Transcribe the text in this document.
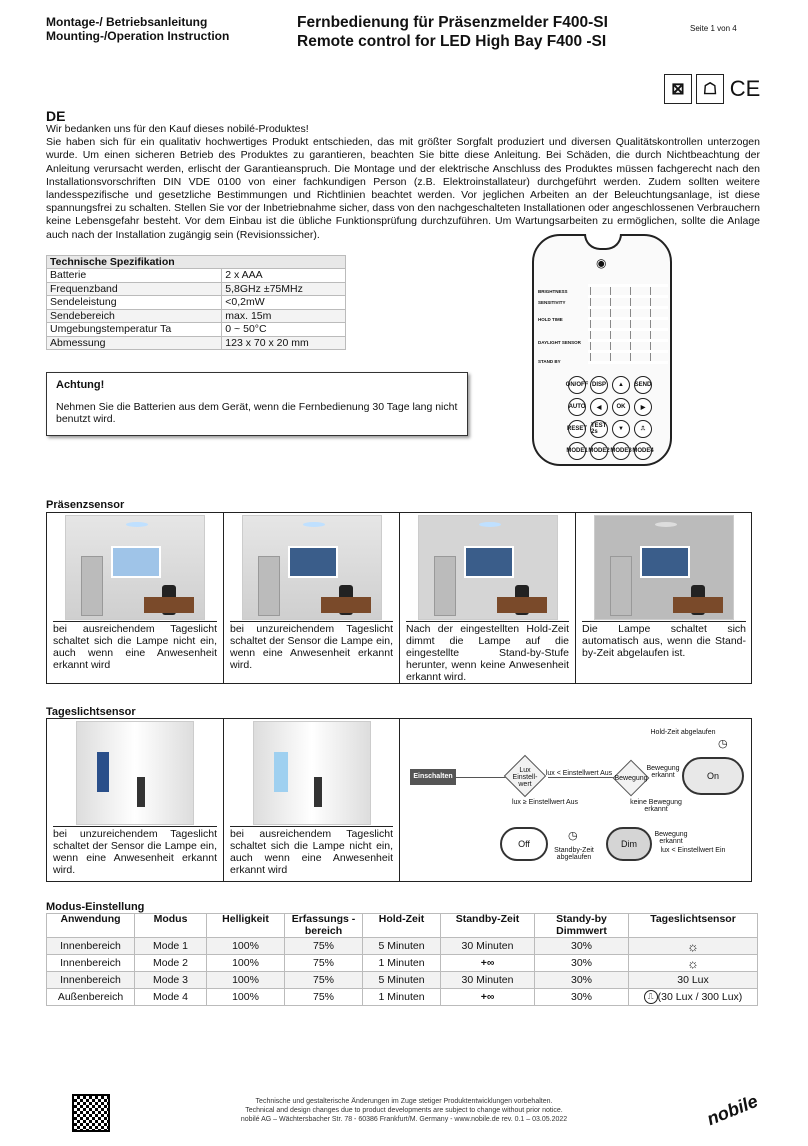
Montage-/ Betriebsanleitung
Mounting-/Operation Instruction
Fernbedienung für Präsenzmelder F400-SI
Remote control for LED High Bay F400 -SI
Seite 1 von 4
⊠	☖ CE
DE
Wir bedanken uns für den Kauf dieses nobilé-Produktes!
Sie haben sich für ein qualitativ hochwertiges Produkt entschieden, das mit größter Sorgfalt produziert und diversen Qualitätskontrollen unterzogen wurde. Um einen sicheren Betrieb des Produktes zu garantieren, beachten Sie bitte diese Anleitung. Bei Schäden, die durch Nichtbeachtung der Anleitung verursacht werden, erlischt der Garantieanspruch. Die Montage und der elektrische Anschluss des Produktes müssen fachgerecht nach den Installationsvorschriften DIN VDE 0100 von einer fachkundigen Person (z.B. Elektroinstallateur) durchgeführt werden. Zudem sollten weitere landesspezifische und gesetzliche Bestimmungen und Richtlinien beachtet werden. Vor jeglichen Arbeiten an der Beleuchtungsanlage, ist diese spannungsfrei zu schalten. Stellen Sie vor der Inbetriebnahme sicher, dass von den nachgeschalteten Installationen oder angeschlossenen Verbrauchern keine Lebensgefahr besteht. Vor dem Einbau ist die übliche Funktionsprüfung durchzuführen. Um Wartungsarbeiten zu ermöglichen, sollte die Anlage auch nach der Installation zugängig sein (Revisionssicher).
Technische Spezifikation	
Batterie	2 x AAA
Frequenzband	5,8GHz ±75MHz
Sendeleistung	<0,2mW
Sendebereich	max. 15m
Umgebungstemperatur Ta	0 ~ 50°C
Abmessung	123 x 70 x 20 mm
Achtung!
Nehmen Sie die Batterien aus dem Gerät, wenn die Fernbedienung 30 Tage lang nicht benutzt wird.
◉
BRIGHTNESS
SENSITIVITY
HOLD TIME
DAYLIGHT SENSOR
STAND BY
ON/OFF DISP	▲	SEND
AUTO	◀	OK	▶
RESET TEST 2s	▼	⎍
MODE1 MODE2 MODE3 MODE4
Präsenzsensor
bei ausreichendem Tageslicht schaltet sich die Lampe nicht ein, auch wenn eine Anwesenheit erkannt wird
bei unzureichendem Tageslicht schaltet der Sensor die Lampe ein, wenn eine Anwesenheit erkannt wird.
Nach der eingestellten Hold-Zeit dimmt die Lampe auf die eingestellte Stand-by-Stufe herunter, wenn keine Anwesenheit erkannt wird.
Die Lampe schaltet sich automatisch aus, wenn die Stand-by-Zeit abgelaufen ist.
Tageslichtsensor
bei unzureichendem Tageslicht schaltet der Sensor die Lampe ein, wenn eine Anwesenheit erkannt wird.
bei ausreichendem Tageslicht schaltet sich die Lampe nicht ein, auch wenn eine Anwesenheit erkannt wird
Einschalten
Lux Einstell-wert
lux < Einstellwert Aus
Bewegung
Bewegung erkannt	On
Hold-Zeit abgelaufen
◷
lux ≥ Einstellwert Aus	keine Bewegung erkannt
Off
Standby-Zeit abgelaufen
◷
Dim
Bewegung erkannt
lux < Einstellwert Ein
Modus-Einstellung
Anwendung	Modus	Helligkeit	Erfassungs - bereich	Hold-Zeit	Standby-Zeit	Standy-by Dimmwert	Tageslichtsensor
Innenbereich	Mode 1	100%	75%	5 Minuten	30 Minuten	30%	☼
Innenbereich	Mode 2	100%	75%	1 Minuten	+∞	30%	☼
Innenbereich	Mode 3	100%	75%	5 Minuten	30 Minuten	30%	30 Lux
Außenbereich	Mode 4	100%	75%	1 Minuten	+∞	30%	⎍ (30 Lux / 300 Lux)
Technische und gestalterische Änderungen im Zuge stetiger Produktentwicklungen vorbehalten.
Technical and design changes due to product developments are subject to change without prior notice.
nobilé AG – Wächtersbacher Str. 78 - 60386 Frankfurt/M. Germany - www.nobile.de rev. 0.1 – 03.05.2022	nobile
